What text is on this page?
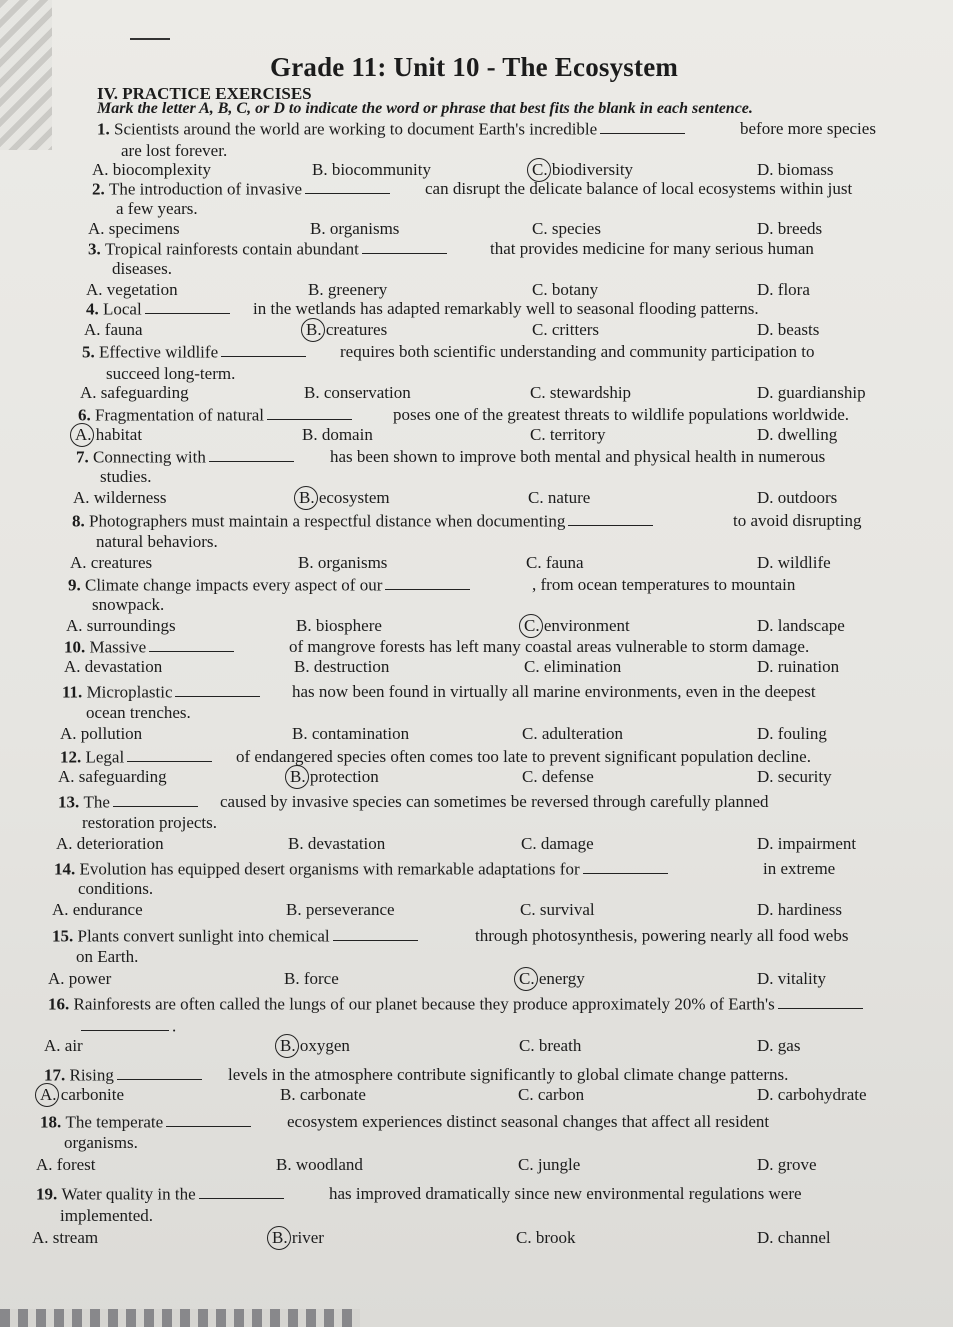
Grade 11: Unit 10 - The Ecosystem
IV. PRACTICE EXERCISES
Mark the letter A, B, C, or D to indicate the word or phrase that best fits the blank in each sentence.
1. Scientists around the world are working to document Earth's incredible	before more species
are lost forever.
A. biocomplexity	B. biocommunity	C. biodiversity	D. biomass
2. The introduction of invasive	can disrupt the delicate balance of local ecosystems within just
a few years.
A. specimens	B. organisms	C. species	D. breeds
3. Tropical rainforests contain abundant	that provides medicine for many serious human
diseases.
A. vegetation	B. greenery	C. botany	D. flora
4. Local	in the wetlands has adapted remarkably well to seasonal flooding patterns.
A. fauna	B. creatures	C. critters	D. beasts
5. Effective wildlife	requires both scientific understanding and community participation to
succeed long-term.
A. safeguarding	B. conservation	C. stewardship	D. guardianship
6. Fragmentation of natural	poses one of the greatest threats to wildlife populations worldwide.
A. habitat	B. domain	C. territory	D. dwelling
7. Connecting with	has been shown to improve both mental and physical health in numerous
studies.
A. wilderness	B. ecosystem	C. nature	D. outdoors
8. Photographers must maintain a respectful distance when documenting	to avoid disrupting
natural behaviors.
A. creatures	B. organisms	C. fauna	D. wildlife
9. Climate change impacts every aspect of our	, from ocean temperatures to mountain
snowpack.
A. surroundings	B. biosphere	C. environment	D. landscape
10. Massive	of mangrove forests has left many coastal areas vulnerable to storm damage.
A. devastation	B. destruction	C. elimination	D. ruination
11. Microplastic	has now been found in virtually all marine environments, even in the deepest
ocean trenches.
A. pollution	B. contamination	C. adulteration	D. fouling
12. Legal	of endangered species often comes too late to prevent significant population decline.
A. safeguarding	B. protection	C. defense	D. security
13. The	caused by invasive species can sometimes be reversed through carefully planned
restoration projects.
A. deterioration	B. devastation	C. damage	D. impairment
14. Evolution has equipped desert organisms with remarkable adaptations for	in extreme
conditions.
A. endurance	B. perseverance	C. survival	D. hardiness
15. Plants convert sunlight into chemical	through photosynthesis, powering nearly all food webs
on Earth.
A. power	B. force	C. energy	D. vitality
16. Rainforests are often called the lungs of our planet because they produce approximately 20% of Earth's
.
A. air	B. oxygen	C. breath	D. gas
17. Rising	levels in the atmosphere contribute significantly to global climate change patterns.
A. carbonite	B. carbonate	C. carbon	D. carbohydrate
18. The temperate	ecosystem experiences distinct seasonal changes that affect all resident
organisms.
A. forest	B. woodland	C. jungle	D. grove
19. Water quality in the	has improved dramatically since new environmental regulations were
implemented.
A. stream	B. river	C. brook	D. channel
